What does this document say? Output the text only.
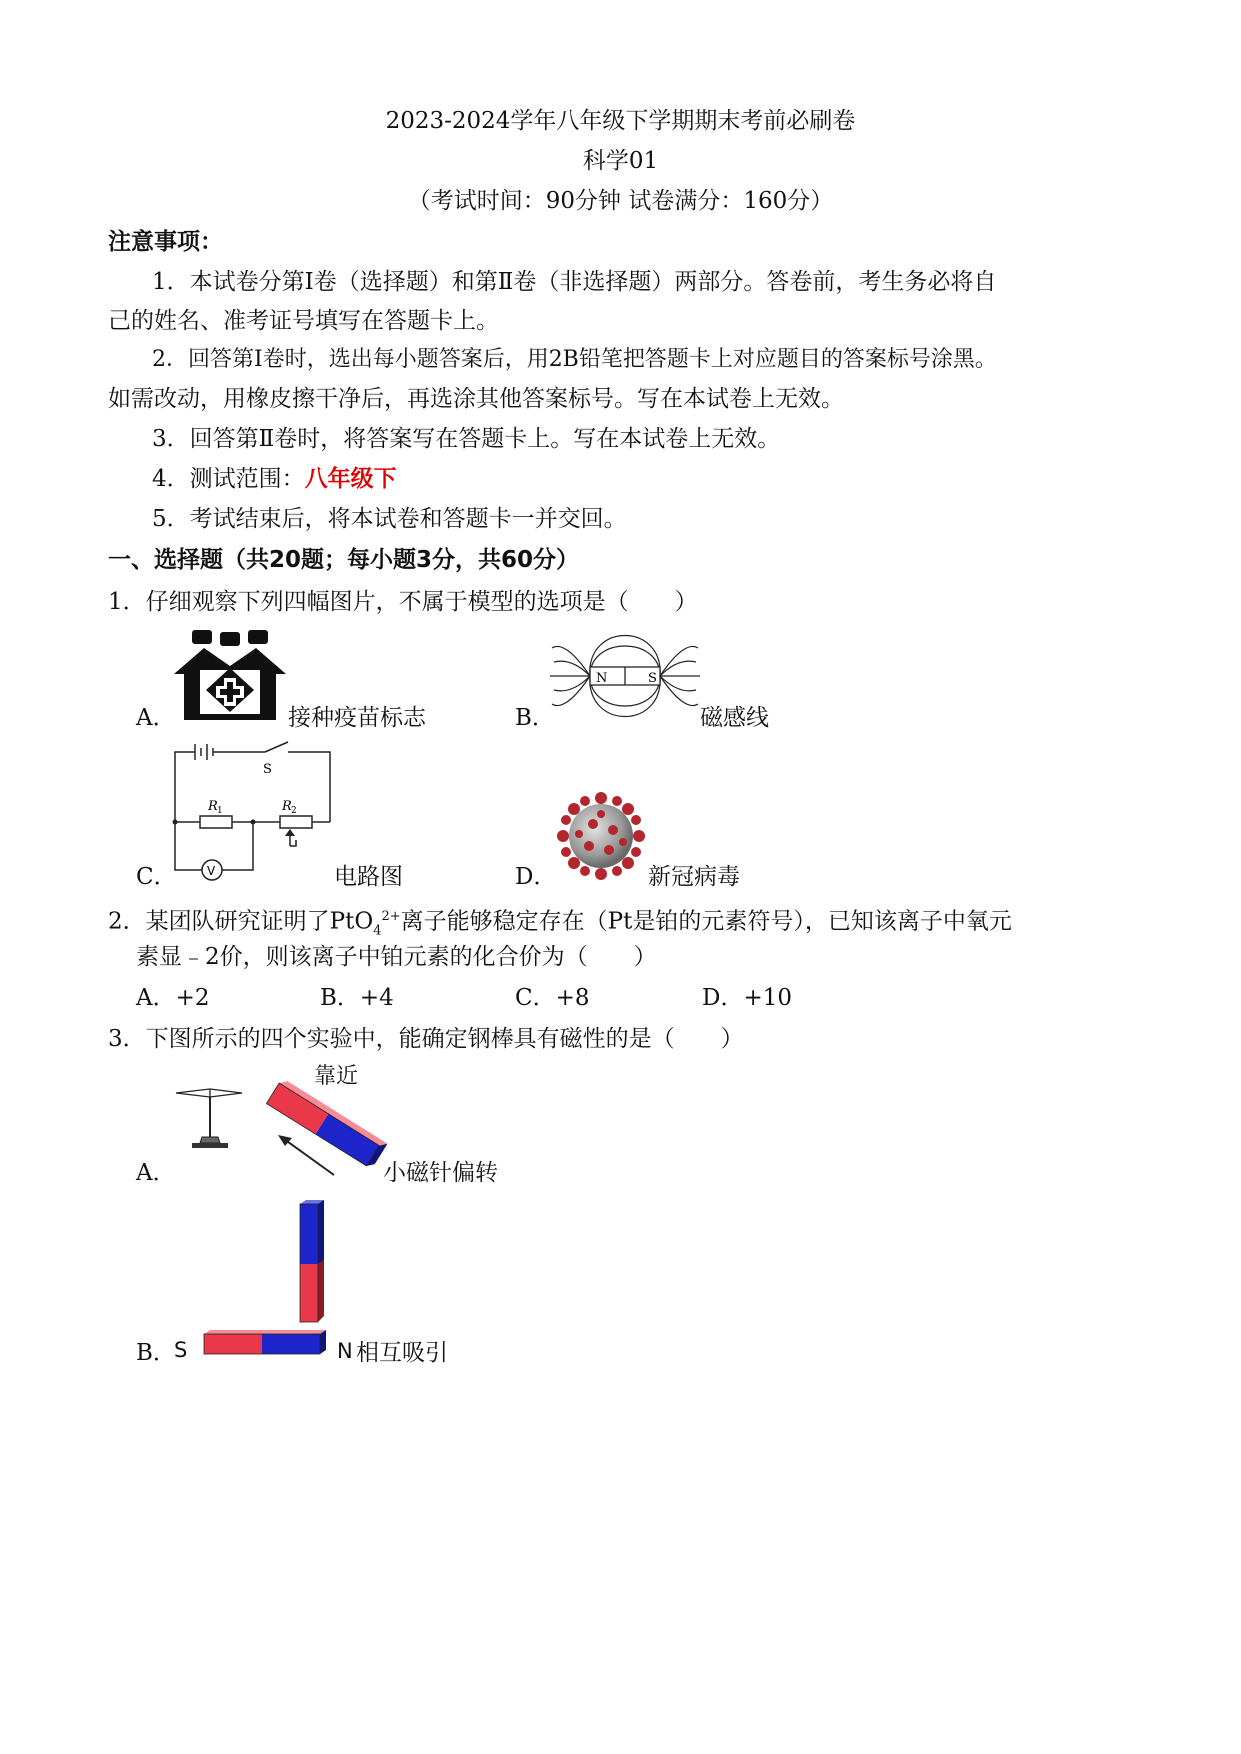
2023-2024学年八年级下学期期末考前必刷卷
科学01
（考试时间：90分钟 试卷满分：160分）
注意事项：
1．本试卷分第Ⅰ卷（选择题）和第Ⅱ卷（非选择题）两部分。答卷前，考生务必将自
己的姓名、准考证号填写在答题卡上。
2．回答第Ⅰ卷时，选出每小题答案后，用2B铅笔把答题卡上对应题目的答案标号涂黑。
如需改动，用橡皮擦干净后，再选涂其他答案标号。写在本试卷上无效。
3．回答第Ⅱ卷时，将答案写在答题卡上。写在本试卷上无效。
4．测试范围：八年级下
5．考试结束后，将本试卷和答题卡一并交回。
一、选择题（共20题；每小题3分，共60分）
1．仔细观察下列四幅图片，不属于模型的选项是（　　）
A．	接种疫苗标志
N	S
B．	磁感线
S
R 1	R 2
V
C．	电路图	D．	新冠病毒
2．某团队研究证明了PtO$_4^{2+}$离子能够稳定存在（Pt是铂的元素符号），已知该离子中氧元
素显﹣2价，则该离子中铂元素的化合价为（　　）
A．+2	B．+4	C．+8	D．+10
3．下图所示的四个实验中，能确定钢棒具有磁性的是（　　）
靠近
A．	小磁针偏转
S
B．	N 相互吸引
